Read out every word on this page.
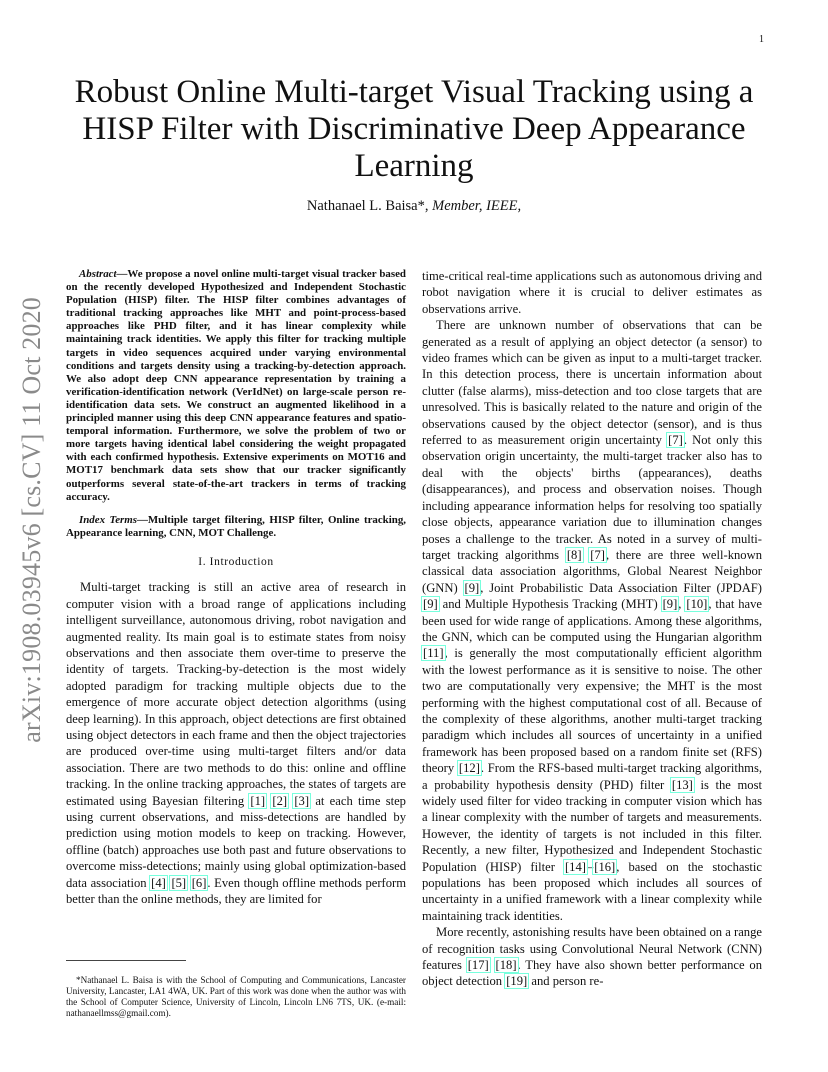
1
arXiv:1908.03945v6 [cs.CV] 11 Oct 2020
Robust Online Multi-target Visual Tracking using a HISP Filter with Discriminative Deep Appearance Learning
Nathanael L. Baisa*, Member, IEEE,

Abstract—We propose a novel online multi-target visual tracker based on the recently developed Hypothesized and Independent Stochastic Population (HISP) filter. The HISP filter combines advantages of traditional tracking approaches like MHT and point-process-based approaches like PHD filter, and it has linear complexity while maintaining track identities. We apply this filter for tracking multiple targets in video sequences acquired under varying environmental conditions and targets density using a tracking-by-detection approach. We also adopt deep CNN appearance representation by training a verification-identification network (VerIdNet) on large-scale person re-identification data sets. We construct an augmented likelihood in a principled manner using this deep CNN appearance features and spatio-temporal information. Furthermore, we solve the problem of two or more targets having identical label considering the weight propagated with each confirmed hypothesis. Extensive experiments on MOT16 and MOT17 benchmark data sets show that our tracker significantly outperforms several state-of-the-art trackers in terms of tracking accuracy.

Index Terms—Multiple target filtering, HISP filter, Online tracking, Appearance learning, CNN, MOT Challenge.

I. Introduction

Multi-target tracking is still an active area of research in computer vision with a broad range of applications including intelligent surveillance, autonomous driving, robot navigation and augmented reality. Its main goal is to estimate states from noisy observations and then associate them over-time to preserve the identity of targets. Tracking-by-detection is the most widely adopted paradigm for tracking multiple objects due to the emergence of more accurate object detection algorithms (using deep learning). In this approach, object detections are first obtained using object detectors in each frame and then the object trajectories are produced over-time using multi-target filters and/or data association. There are two methods to do this: online and offline tracking. In the online tracking approaches, the states of targets are estimated using Bayesian filtering [1] [2] [3] at each time step using current observations, and miss-detections are handled by prediction using motion models to keep on tracking. However, offline (batch) approaches use both past and future observations to overcome miss-detections; mainly using global optimization-based data association [4] [5] [6]. Even though offline methods perform better than the online methods, they are limited for

time-critical real-time applications such as autonomous driving and robot navigation where it is crucial to deliver estimates as observations arrive.

There are unknown number of observations that can be generated as a result of applying an object detector (a sensor) to video frames which can be given as input to a multi-target tracker. In this detection process, there is uncertain information about clutter (false alarms), miss-detection and too close targets that are unresolved. This is basically related to the nature and origin of the observations caused by the object detector (sensor), and is thus referred to as measurement origin uncertainty [7]. Not only this observation origin uncertainty, the multi-target tracker also has to deal with the objects' births (appearances), deaths (disappearances), and process and observation noises. Though including appearance information helps for resolving too spatially close objects, appearance variation due to illumination changes poses a challenge to the tracker. As noted in a survey of multi-target tracking algorithms [8] [7], there are three well-known classical data association algorithms, Global Nearest Neighbor (GNN) [9], Joint Probabilistic Data Association Filter (JPDAF) [9] and Multiple Hypothesis Tracking (MHT) [9], [10], that have been used for wide range of applications. Among these algorithms, the GNN, which can be computed using the Hungarian algorithm [11], is generally the most computationally efficient algorithm with the lowest performance as it is sensitive to noise. The other two are computationally very expensive; the MHT is the most performing with the highest computational cost of all. Because of the complexity of these algorithms, another multi-target tracking paradigm which includes all sources of uncertainty in a unified framework has been proposed based on a random finite set (RFS) theory [12]. From the RFS-based multi-target tracking algorithms, a probability hypothesis density (PHD) filter [13] is the most widely used filter for video tracking in computer vision which has a linear complexity with the number of targets and measurements. However, the identity of targets is not included in this filter. Recently, a new filter, Hypothesized and Independent Stochastic Population (HISP) filter [14]–[16], based on the stochastic populations has been proposed which includes all sources of uncertainty in a unified framework with a linear complexity while maintaining track identities.

More recently, astonishing results have been obtained on a range of recognition tasks using Convolutional Neural Network (CNN) features [17] [18]. They have also shown better performance on object detection [19] and person re-

*Nathanael L. Baisa is with the School of Computing and Communications, Lancaster University, Lancaster, LA1 4WA, UK. Part of this work was done when the author was with the School of Computer Science, University of Lincoln, Lincoln LN6 7TS, UK. (e-mail: nathanaellmss@gmail.com).
